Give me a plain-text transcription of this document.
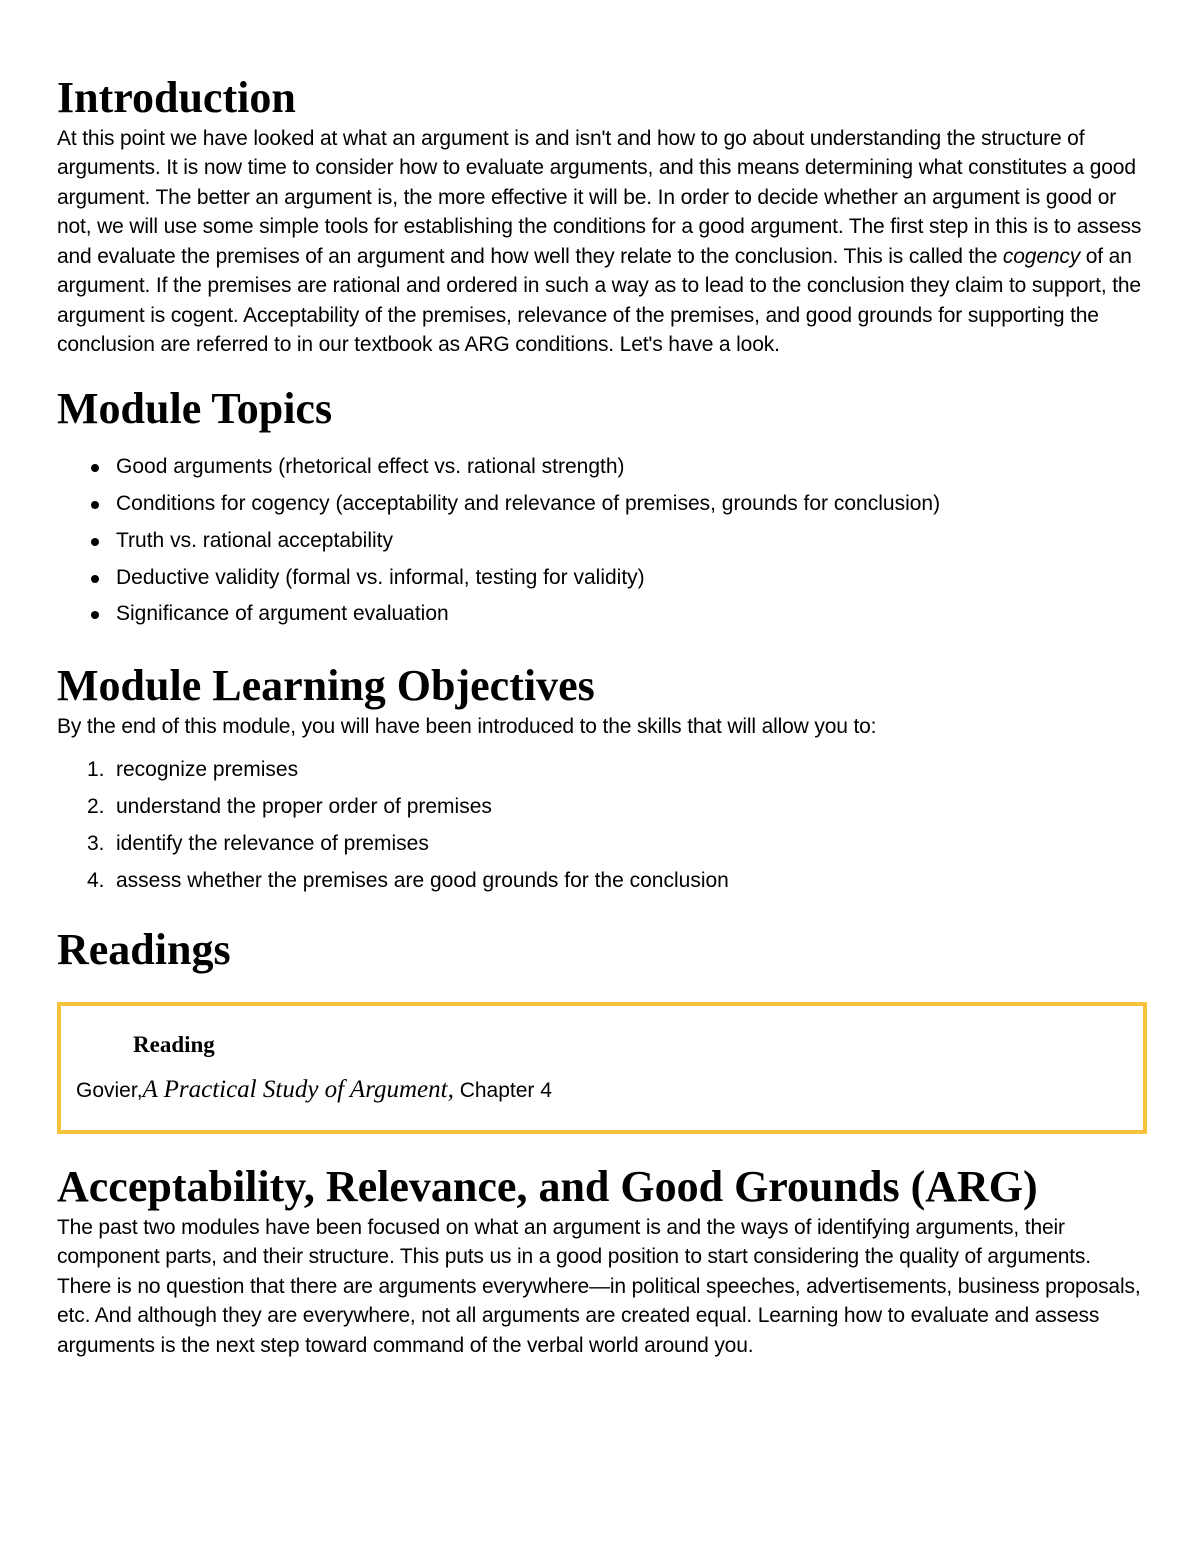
Introduction

At this point we have looked at what an argument is and isn't and how to go about understanding the structure of arguments. It is now time to consider how to evaluate arguments, and this means determining what constitutes a good argument. The better an argument is, the more effective it will be. In order to decide whether an argument is good or not, we will use some simple tools for establishing the conditions for a good argument. The first step in this is to assess and evaluate the premises of an argument and how well they relate to the conclusion. This is called the cogency of an argument. If the premises are rational and ordered in such a way as to lead to the conclusion they claim to support, the argument is cogent. Acceptability of the premises, relevance of the premises, and good grounds for supporting the conclusion are referred to in our textbook as ARG conditions. Let's have a look.

Module Topics
Good arguments (rhetorical effect vs. rational strength)
Conditions for cogency (acceptability and relevance of premises, grounds for conclusion)
Truth vs. rational acceptability
Deductive validity (formal vs. informal, testing for validity)
Significance of argument evaluation
Module Learning Objectives

By the end of this module, you will have been introduced to the skills that will allow you to:

1. recognize premises
2. understand the proper order of premises
3. identify the relevance of premises
4. assess whether the premises are good grounds for the conclusion
Readings
Reading
Govier,A Practical Study of Argument, Chapter 4
Acceptability, Relevance, and Good Grounds (ARG)

The past two modules have been focused on what an argument is and the ways of identifying arguments, their component parts, and their structure. This puts us in a good position to start considering the quality of arguments. There is no question that there are arguments everywhere—in political speeches, advertisements, business proposals, etc. And although they are everywhere, not all arguments are created equal. Learning how to evaluate and assess arguments is the next step toward command of the verbal world around you.
